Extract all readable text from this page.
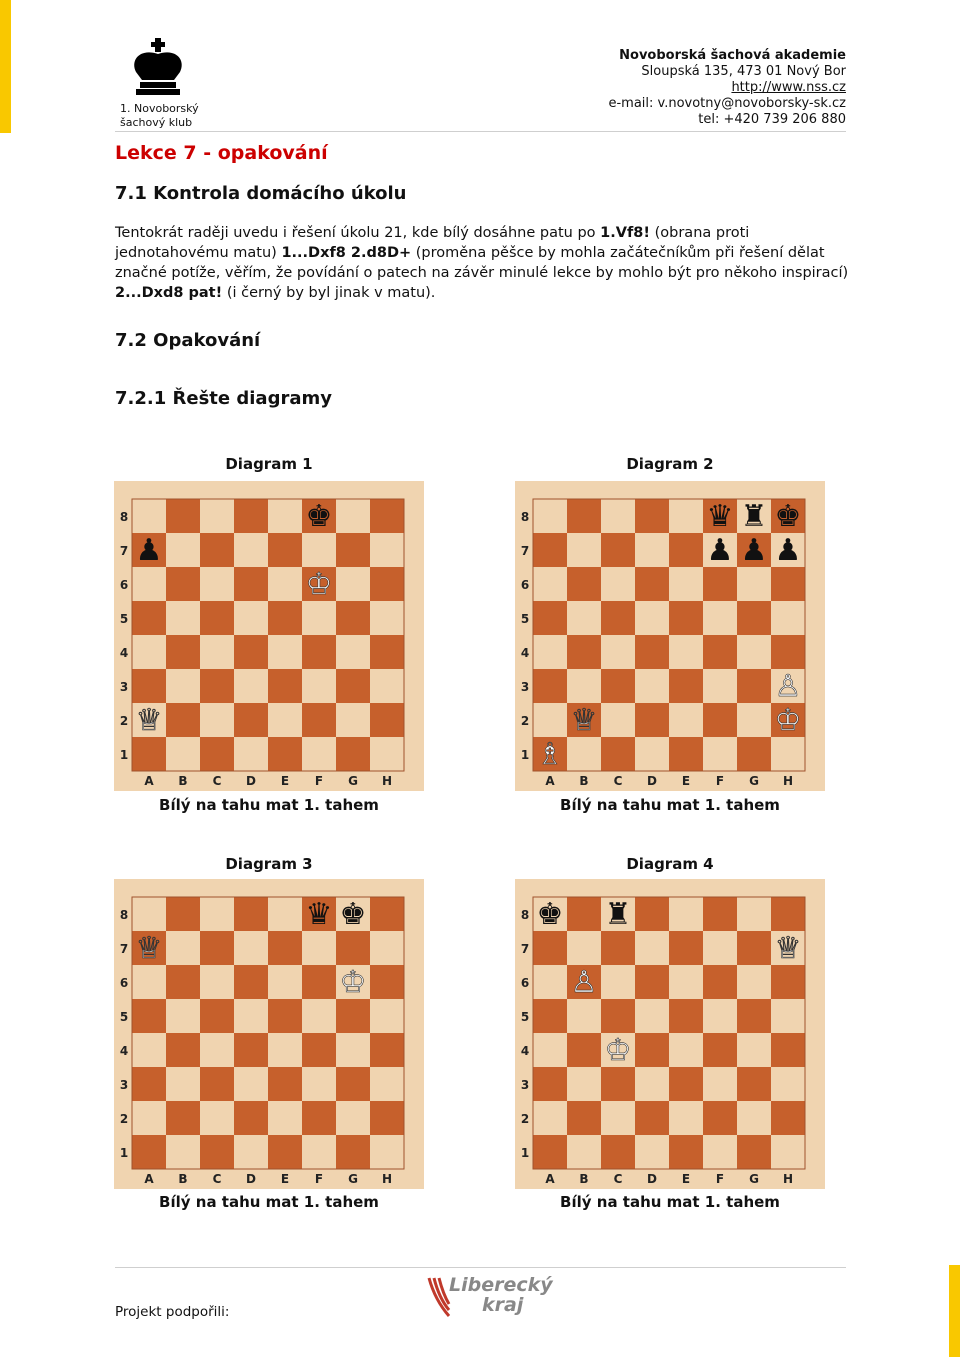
1. Novoborský
šachový klub
Novoborská šachová akademie
Sloupská 135, 473 01 Nový Bor
http://www.nss.cz
e-mail: v.novotny@novoborsky-sk.cz
tel: +420 739 206 880
Lekce 7 - opakování
7.1 Kontrola domácího úkolu
Tentokrát raději uvedu i řešení úkolu 21, kde bílý dosáhne patu po 1.Vf8! (obrana proti jednotahovému matu) 1...Dxf8 2.d8D+ (proměna pěšce by mohla začátečníkům při řešení dělat značné potíže, věřím, že povídání o patech na závěr minulé lekce by mohlo být pro někoho inspirací) 2...Dxd8 pat! (i černý by byl jinak v matu).
7.2 Opakování
7.2.1 Řešte diagramy
Diagram 1
8
7
6
5
4
3
2
1
A B C D E F G H
♚
♟
♔
♕
Bílý na tahu mat 1. tahem
Diagram 2
8
7
6
5
4
3
2
1
A B C D E F G H
♛ ♜ ♚
♟ ♟ ♟
♙
♕	♔
♗
Bílý na tahu mat 1. tahem
Diagram 3
8
7
6
5
4
3
2
1
A B C D E F G H
♛ ♚
♕
♔
Bílý na tahu mat 1. tahem
Diagram 4
8
7
6
5
4
3
2
1
A B C D E F G H
♚ ♜
♕
♙
♔
Bílý na tahu mat 1. tahem
Projekt podpořili:
Liberecký
kraj
